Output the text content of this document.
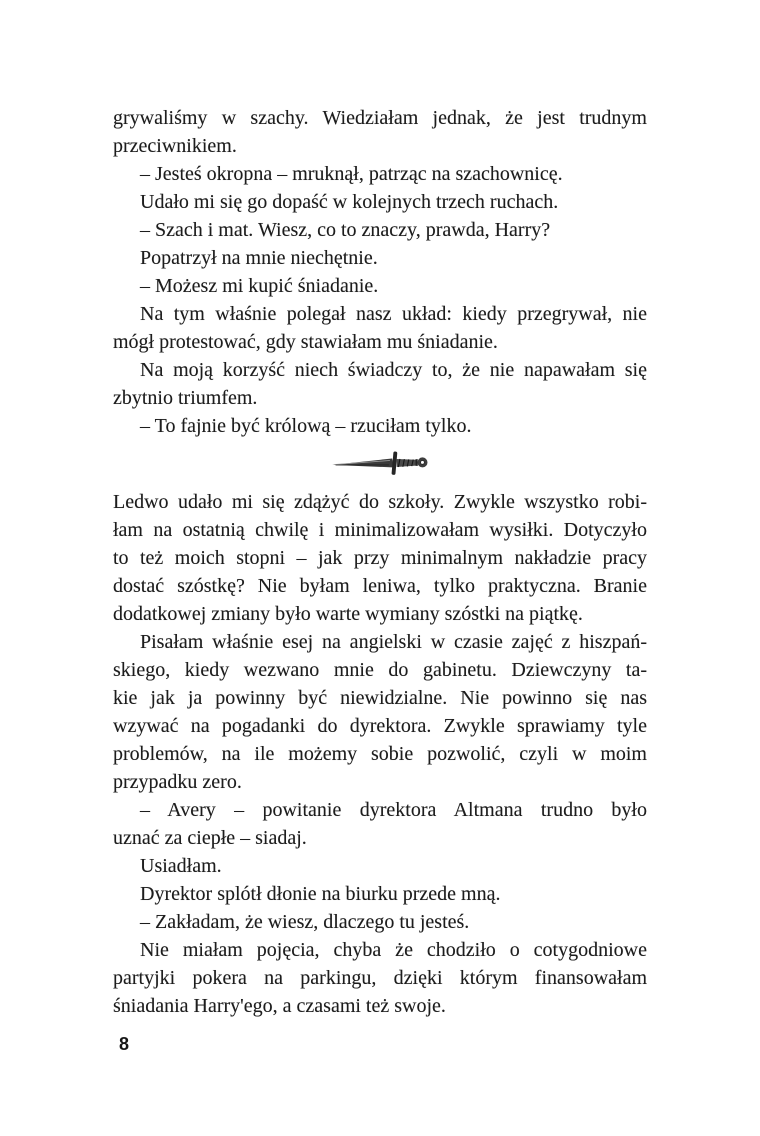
grywaliśmy w szachy. Wiedziałam jednak, że jest trudnym
przeciwnikiem.
– Jesteś okropna – mruknął, patrząc na szachownicę.
Udało mi się go dopaść w kolejnych trzech ruchach.
– Szach i mat. Wiesz, co to znaczy, prawda, Harry?
Popatrzył na mnie niechętnie.
– Możesz mi kupić śniadanie.
Na tym właśnie polegał nasz układ: kiedy przegrywał, nie
mógł protestować, gdy stawiałam mu śniadanie.
Na moją korzyść niech świadczy to, że nie napawałam się
zbytnio triumfem.
– To fajnie być królową – rzuciłam tylko.
Ledwo udało mi się zdążyć do szkoły. Zwykle wszystko robi-
łam na ostatnią chwilę i minimalizowałam wysiłki. Dotyczyło
to też moich stopni – jak przy minimalnym nakładzie pracy
dostać szóstkę? Nie byłam leniwa, tylko praktyczna. Branie
dodatkowej zmiany było warte wymiany szóstki na piątkę.
Pisałam właśnie esej na angielski w czasie zajęć z hiszpań-
skiego, kiedy wezwano mnie do gabinetu. Dziewczyny ta-
kie jak ja powinny być niewidzialne. Nie powinno się nas
wzywać na pogadanki do dyrektora. Zwykle sprawiamy tyle
problemów, na ile możemy sobie pozwolić, czyli w moim
przypadku zero.
– Avery – powitanie dyrektora Altmana trudno było
uznać za ciepłe – siadaj.
Usiadłam.
Dyrektor splótł dłonie na biurku przede mną.
– Zakładam, że wiesz, dlaczego tu jesteś.
Nie miałam pojęcia, chyba że chodziło o cotygodniowe
partyjki pokera na parkingu, dzięki którym finansowałam
śniadania Harry'ego, a czasami też swoje.
8
